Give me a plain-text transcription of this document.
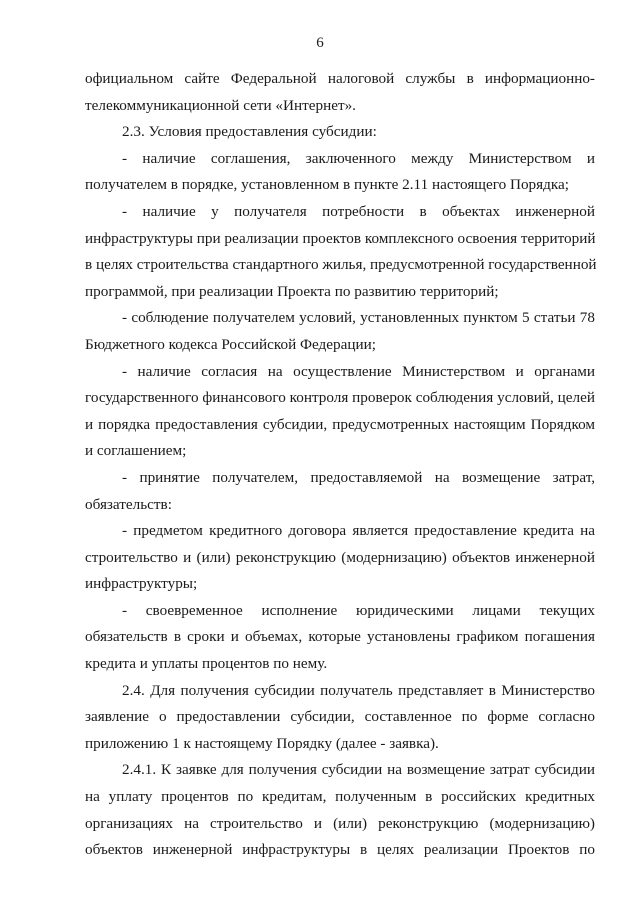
6
официальном сайте Федеральной налоговой службы в информационно-
телекоммуникационной сети «Интернет».
2.3. Условия предоставления субсидии:
- наличие соглашения, заключенного между Министерством и
получателем в порядке, установленном в пункте 2.11 настоящего Порядка;
- наличие у получателя потребности в объектах инженерной
инфраструктуры при реализации проектов комплексного освоения территорий
в целях строительства стандартного жилья, предусмотренной государственной
программой, при реализации Проекта по развитию территорий;
- соблюдение получателем условий, установленных пунктом 5 статьи 78
Бюджетного кодекса Российской Федерации;
- наличие согласия на осуществление Министерством и органами
государственного финансового контроля проверок соблюдения условий, целей
и порядка предоставления субсидии, предусмотренных настоящим Порядком
и соглашением;
- принятие получателем, предоставляемой на возмещение затрат,
обязательств:
- предметом кредитного договора является предоставление кредита на
строительство и (или) реконструкцию (модернизацию) объектов инженерной
инфраструктуры;
- своевременное исполнение юридическими лицами текущих
обязательств в сроки и объемах, которые установлены графиком погашения
кредита и уплаты процентов по нему.
2.4. Для получения субсидии получатель представляет в Министерство
заявление о предоставлении субсидии, составленное по форме согласно
приложению 1 к настоящему Порядку (далее - заявка).
2.4.1. К заявке для получения субсидии на возмещение затрат субсидии
на уплату процентов по кредитам, полученным в российских кредитных
организациях на строительство и (или) реконструкцию (модернизацию)
объектов инженерной инфраструктуры в целях реализации Проектов по
